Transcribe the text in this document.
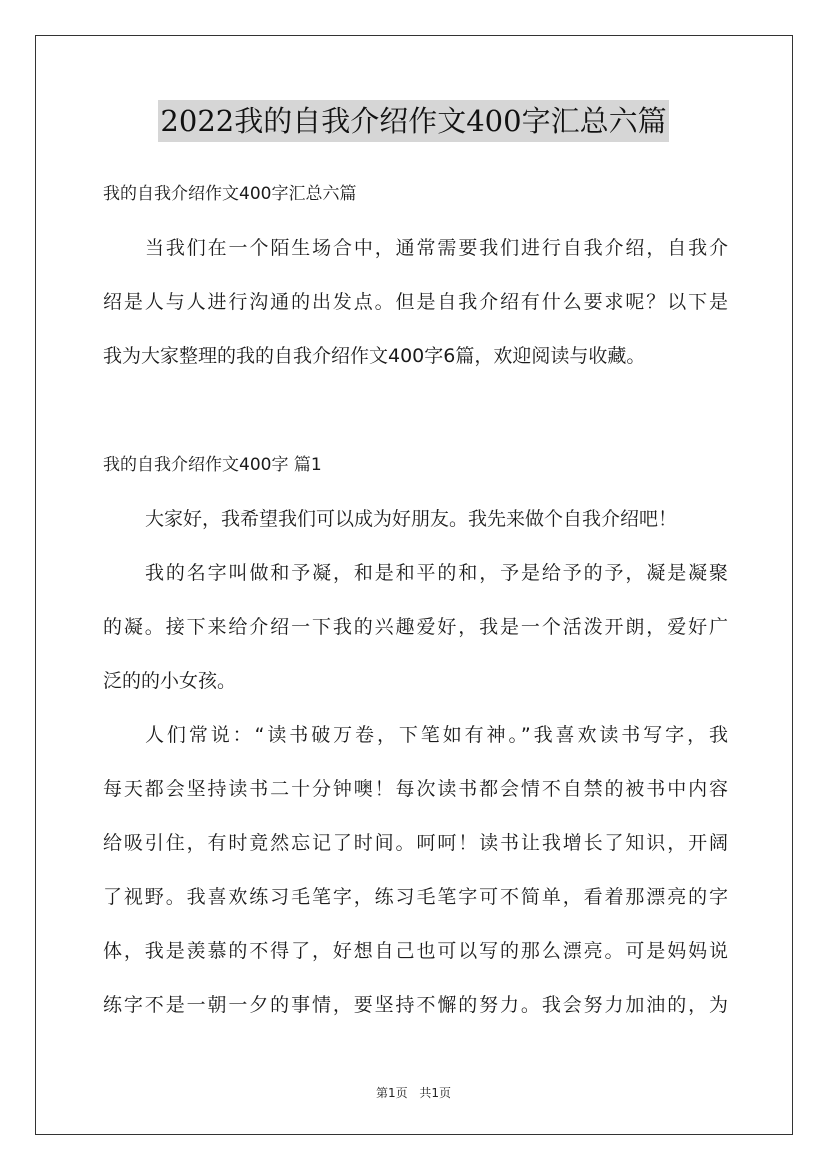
2022我的自我介绍作文400字汇总六篇
我的自我介绍作文400字汇总六篇
当我们在一个陌生场合中，通常需要我们进行自我介绍，自我介
绍是人与人进行沟通的出发点。但是自我介绍有什么要求呢？以下是
我为大家整理的我的自我介绍作文400字6篇，欢迎阅读与收藏。
我的自我介绍作文400字 篇1
大家好，我希望我们可以成为好朋友。我先来做个自我介绍吧！
我的名字叫做和予凝，和是和平的和，予是给予的予，凝是凝聚
的凝。接下来给介绍一下我的兴趣爱好，我是一个活泼开朗，爱好广
泛的的小女孩。
人们常说：“读书破万卷，下笔如有神。”我喜欢读书写字，我
每天都会坚持读书二十分钟噢！每次读书都会情不自禁的被书中内容
给吸引住，有时竟然忘记了时间。呵呵！读书让我增长了知识，开阔
了视野。我喜欢练习毛笔字，练习毛笔字可不简单，看着那漂亮的字
体，我是羡慕的不得了，好想自己也可以写的那么漂亮。可是妈妈说
练字不是一朝一夕的事情，要坚持不懈的努力。我会努力加油的，为
第1页 共1页
